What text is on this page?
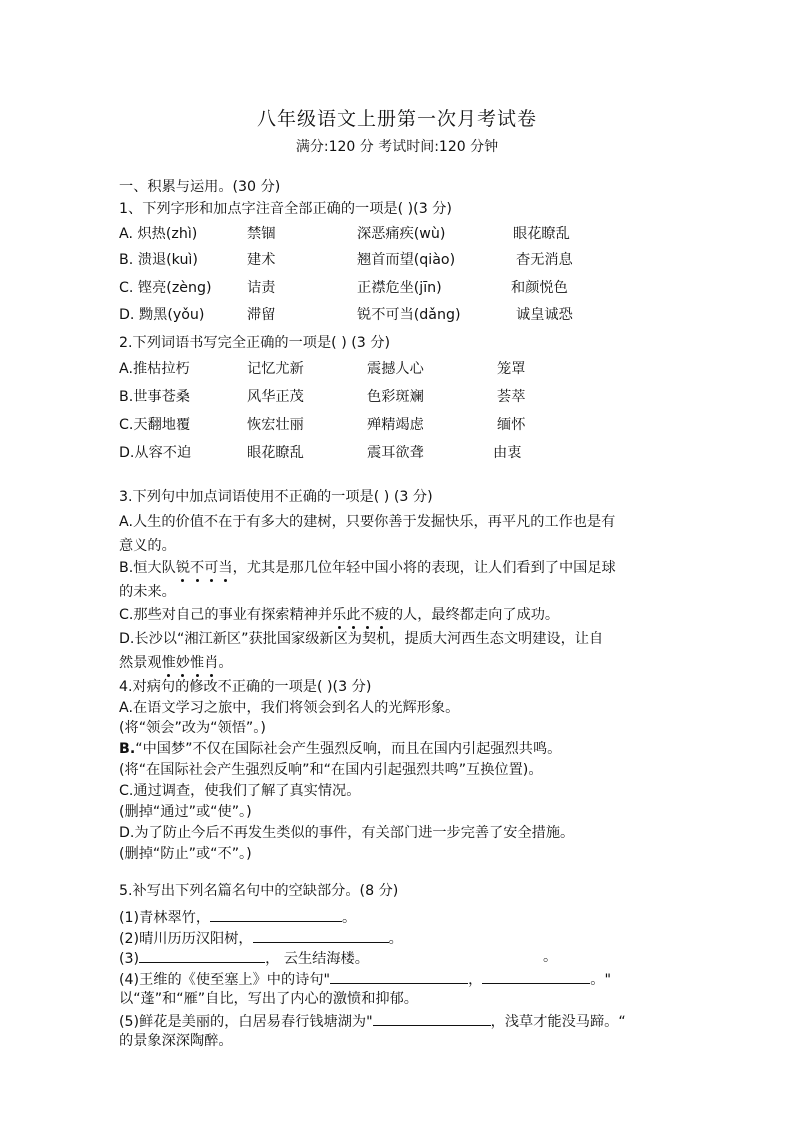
八年级语文上册第一次月考试卷
满分:120 分 考试时间:120 分钟
一、积累与运用。(30 分)
1、下列字形和加点字注音全部正确的一项是( )(3 分)
A. 炽热(zhì)	禁锢	深恶痛疾(wù)	眼花瞭乱
B. 溃退(kuì)	建术	翘首而望(qiào)	杳无消息
C. 铿亮(zèng) 诘责	正襟危坐(jīn)	和颜悦色
D. 黝黑(yǒu)	滞留	锐不可当(dǎng)	诚皇诚恐
2.下列词语书写完全正确的一项是( ) (3 分)
A.推枯拉朽	记忆尤新	震撼人心	笼罩
B.世事苍桑	风华正茂	色彩斑斓	荟萃
C.天翻地覆	恢宏壮丽	殚精竭虑	缅怀
D.从容不迫	眼花瞭乱	震耳欲聋	由衷
3.下列句中加点词语使用不正确的一项是( ) (3 分)
A.人生的价值不在于有多大的建树，只要你善于发掘快乐，再平凡的工作也是有
意义的。
B.恒大队锐不可当，尤其是那几位年轻中国小将的表现，让人们看到了中国足球
的未来。
C.那些对自己的事业有探索精神并乐此不疲的人，最终都走向了成功。
D.长沙以“湘江新区”获批国家级新区为契机，提质大河西生态文明建设，让自
然景观惟妙惟肖。
4.对病句的修改不正确的一项是( )(3 分)
A.在语文学习之旅中，我们将领会到名人的光辉形象。
(将“领会”改为“领悟”。)
B.“中国梦”不仅在国际社会产生强烈反响，而且在国内引起强烈共鸣。
(将“在国际社会产生强烈反响”和“在国内引起强烈共鸣”互换位置)。
C.通过调查，使我们了解了真实情况。
(删掉“通过”或“使”。)
D.为了防止今后不再发生类似的事件，有关部门进一步完善了安全措施。
(删掉“防止”或“不”。)
5.补写出下列名篇名句中的空缺部分。(8 分)
(1)青林翠竹，	。
(2)晴川历历汉阳树，	。
(3)	， 云生结海楼。	。
(4)王维的《使至塞上》中的诗句"	，	。"
以“蓬”和“雁”自比，写出了内心的激愤和抑郁。
(5)鲜花是美丽的，白居易春行钱塘湖为"	，浅草才能没马蹄。“
的景象深深陶醉。
